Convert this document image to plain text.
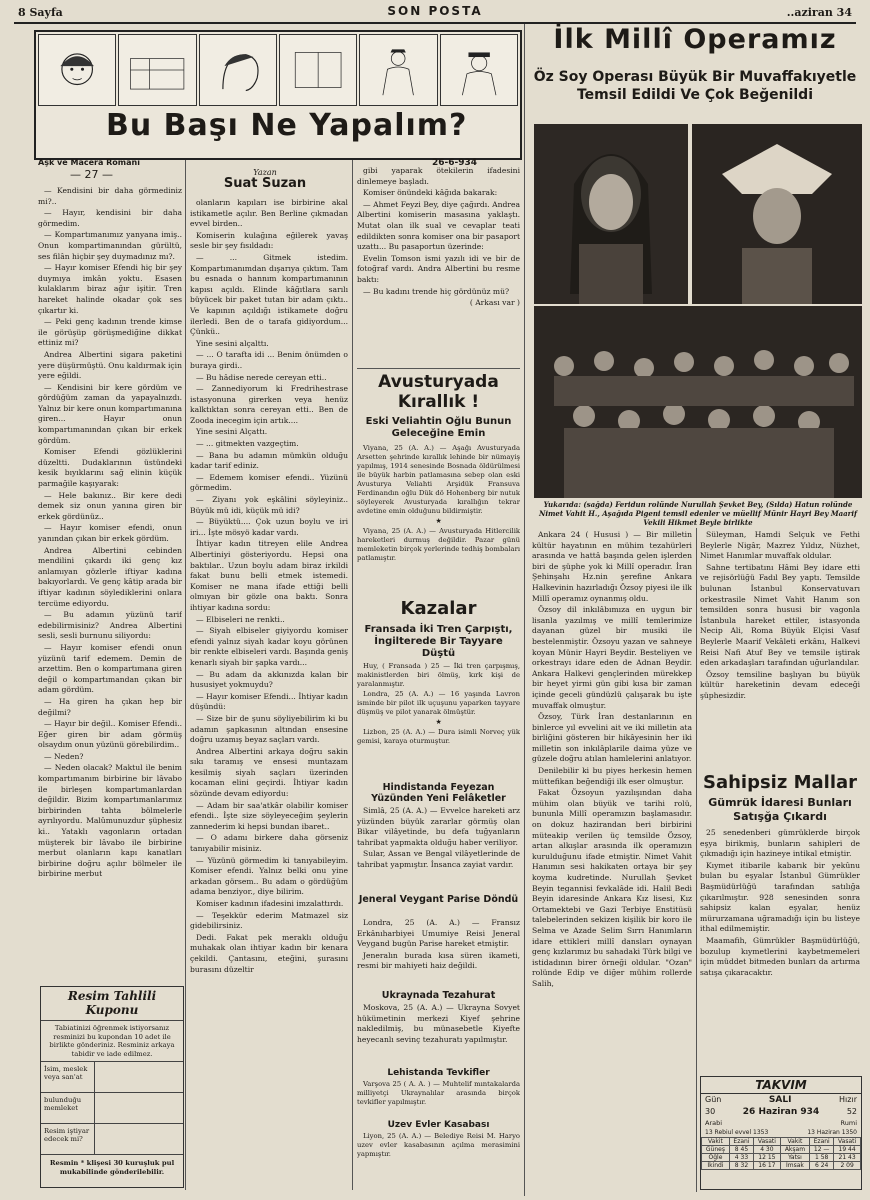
8 Sayfa	SON POSTA	..aziran 34
Bu Başı Ne Yapalım?
Aşk ve Macera Romanı
— 27 —	Yazan
Suat Suzan
26-6-934

— Kendisini bir daha görmediniz mi?..

— Hayır, kendisini bir daha görmedim.

— Kompartımanımız yanyana imiş.. Onun kompartimanından gürültü, ses filân hiçbir şey duymadınız mı?.

— Hayır komiser Efendi hiç bir şey duymıya imkân yoktu. Esasen kulaklarım biraz ağır işitir. Tren hareket halinde okadar çok ses çıkartır ki.

— Peki genç kadının trende kimse ile görüşüp görüşmediğine dikkat ettiniz mi?

Andrea Albertini sigara paketini yere düşürmüştü. Onu kaldırmak için yere eğildi.

— Kendisini bir kere gördüm ve gördüğüm zaman da yapayalnızdı. Yalnız bir kere onun kompartımanına giren... Hayır onun kompartımanından çıkan bir erkek gördüm.

Komiser Efendi gözlüklerini düzeltti. Dudaklarının üstündeki kesik bıyıklarını sağ elinin küçük parmağile kaşıyarak:

— Hele bakınız.. Bir kere dedi demek siz onun yanına giren bir erkek gördünüz..

— Hayır komiser efendi, onun yanından çıkan bir erkek gördüm.

Andrea Albertini cebinden mendilini çıkardı iki genç kız anlamıyan gözlerle iftiyar kadına bakıyorlardı. Ve genç kâtip arada bir iftiyar kadının söylediklerini onlara tercüme ediyordu.

— Bu adamın yüzünü tarif edebilirmisiniz? Andrea Albertini sesli, sesli burnunu siliyordu:

— Hayır komiser efendi onun yüzünü tarif edemem. Demin de arzettim. Ben o kompartımana giren değil o kompartımandan çıkan bir adam gördüm.

— Ha giren ha çıkan hep bir değilmi?

— Hayır bir değil.. Komiser Efendi.. Eğer giren bir adam görmüş olsaydım onun yüzünü görebilirdim..

— Neden?

— Neden olacak? Maktul ile benim kompartımanım birbirine bir lâvabo ile birleşen kompartımanlardan değildir. Bizim kompartımanlarımız birbirinden tahta bölmelerle ayrılıyordu. Malûmunuzdur şüphesiz ki.. Yataklı vagonların ortadan müşterek bir lâvabo ile birbirine merbut olanların kapı kanatları birbirine doğru açılır bölmeler ile birbirine merbut

Resim Tahlili Kuponu
Tabiatinizi öğrenmek istiyorsanız resminizi bu kupondan 10 adet ile birlikte gönderiniz. Resminiz arkaya tabidir ve iade edilmez.
İsim, meslek veya san'at
bulunduğu memleket
Resim iştiyar edecek mi?
Resmin * klişesi 30 kuruşluk pul mukabilinde gönderilebilir.

olanların kapıları ise birbirine akal istikametle açılır. Ben Berline çıkmadan evvel birden..

Komiserin kulağına eğilerek yavaş sesle bir şey fısıldadı:

— ... Gitmek istedim. Kompartımanımdan dışarıya çıktım. Tam bu esnada o hannım kompartımanının kapısı açıldı. Elinde kâğıtlara sarılı büyücek bir paket tutan bir adam çıktı.. Ve kapının açıldığı istikamete doğru ilerledi. Ben de o tarafa gidiyordum... Çünkü..

Yine sesini alçalttı.

— ... O tarafta idi ... Benim önümden o buraya girdi..

— Bu hâdise nerede cereyan etti..

— Zannediyorum ki Fredrihestrase istasyonuna girerken veya henüz kalktıktan sonra cereyan etti.. Ben de Zooda inecegim için artık....

Yine sesini Alçattı.

— ... gitmekten vazgeçtim.

— Bana bu adamın mümkün olduğu kadar tarif ediniz.

— Edemem komiser efendi.. Yüzünü görmedim.

— Ziyanı yok eşkâlini söyleyiniz.. Büyük mü idi, küçük mü idi?

— Büyüktü.... Çok uzun boylu ve iri iri... İşte mösyö kadar vardı.

İhtiyar kadın titreyen elile Andrea Albertiniyi gösteriyordu. Hepsi ona baktılar.. Uzun boylu adam biraz irkildi fakat bunu belli etmek istemedi. Komiser ne mana ifade ettiği belli olmıyan bir gözle ona baktı. Sonra ihtiyar kadına sordu:

— Elbiseleri ne renkti..

— Siyah elbiseler giyiyordu komiser efendi yalnız siyah kadar koyu görünen bir renkte elbiseleri vardı. Başında geniş kenarlı siyah bir şapka vardı...

— Bu adam da akkınızda kalan bir hususiyet yokmuydu?

— Hayır komiser Efendi... İhtiyar kadın düşündü:

— Size bir de şunu söyliyebilirim ki bu adamın şapkasının altından ensesine doğru uzamış beyaz saçları vardı.

Andrea Albertini arkaya doğru sakin sıkı taramış ve ensesi muntazam kesilmiş siyah saçları üzerinden kocaman elini geçirdi. İhtiyar kadın sözünde devam ediyordu:

— Adam bir saa'atkâr olabilir komiser efendi.. İşte size söyleyeceğim şeylerin zannederim ki hepsi bundan ibaret..

— O adamı birkere daha görseniz tanıyabilir misiniz.

— Yüzünü görmedim ki tanıyabileyim. Komiser efendi. Yalnız belki onu yine arkadan görsem.. Bu adam o gördüğüm adama benziyor., diye bilirim.

Komiser kadının ifadesini imzalattırdı.

— Teşekkür ederim Matmazel siz gidebilirsiniz.

Dedi. Fakat pek meraklı olduğu muhakak olan ihtiyar kadın bir kenara çekildi. Çantasını, eteğini, şurasını burasını düzeltir

gibi yaparak ötekilerin ifadesini dinlemeye başladı.

Komiser önündeki kâğıda bakarak:

— Ahmet Feyzi Bey, diye çağırdı. Andrea Albertini komiserin masasına yaklaştı. Mutat olan ilk sual ve cevaplar teati edildikten sonra komiser ona bir pasaport uzattı... Bu pasaportun üzerinde:

Evelin Tomson ismi yazılı idi ve bir de fotoğraf vardı. Andra Albertini bu resme baktı:

— Bu kadını trende hiç gördünüz mü?

( Arkası var )

Avusturyada
Kırallık !
Eski Veliahtin Oğlu Bunun
Geleceğine Emin

Viyana, 25 (A. A.) — Aşağı Avusturyada Arsetten şehrinde kırallık lehinde bir nümayiş yapılmış, 1914 senesinde Bosnada öldürülmesi ile büyük harbin patlamasına sebep olan eski Avusturya Veliahti Arşidük Fransuva Ferdinandın oğlu Dük dö Hohenberg bir nutuk söyleyerek Avusturyada kırallığın tekrar avdetine emin olduğunu bildirmiştir.

★

Viyana, 25 (A. A.) — Avusturyada Hitlercilik hareketleri durmuş değildir. Pazar günü memleketin birçok yerlerinde tedhiş bombaları patlamıştır.

Kazalar
Fransada İki Tren Çarpıştı, İngilterede Bir Tayyare Düştü

Huy, ( Fransada ) 25 — İki tren çarpışmış, makinistlerden biri ölmüş, kırk kişi de yaralanmıştır.

Londra, 25 (A. A.) — 16 yaşında Lavron isminde bir pilot ilk uçuşunu yaparken tayyare düşmüş ve pilot yanarak ölmüştür.

★

Lizbon, 25 (A. A.) — Dura isimli Norveç yük gemisi, karaya oturmuştur.

Hindistanda Feyezan Yüzünden Yeni Felâketler

Simlâ, 25 (A. A.) — Evvelce hareketi arz yüzünden büyük zararlar görmüş olan Bikar vilâyetinde, bu defa tuğyanların tahribat yapmakta olduğu haber veriliyor.

Sular, Assan ve Bengal vilâyetlerinde de tahribat yapmıştır. İnsanca zayiat vardır.

Jeneral Veygant Parise Döndü

Londra, 25 (A. A.) — Fransız Erkânıharbiyei Umumiye Reisi Jeneral Veygand bugün Parise hareket etmiştir.

Jeneralın burada kısa süren ikameti, resmi bir mahiyeti haiz değildi.

Ukraynada Tezahurat

Moskova, 25 (A. A.) — Ukrayna Sovyet hükümetinin merkezi Kiyef şehrine nakledilmiş, bu münasebetle Kiyefte heyecanlı sevinç tezahuratı yapılmıştır.

Lehistanda Tevkifler

Varşova 25 ( A. A. ) — Muhtelif mıntakalarda milliyetçi Ukraynalılar arasında birçok tevkifler yapılmıştır.

Uzev Evler Kasabası

Liyon, 25 (A. A.) — Belediye Reisi M. Haryo uzev evler kasabasının açılma merasimini yapmıştır.

İlk Millî Operamız
Öz Soy Operası Büyük Bir Muvaffakıyetle Temsil Edildi Ve Çok Beğenildi
Yukarıda: (sağda) Feridun rolünde Nurullah Şevket Bey, (Sılda) Hatun rolünde Nimet Vahit H., Aşağıda Pigeni temsil edenler ve müellif Münir Hayri Bey Maarif Vekili Hikmet Beyle birlikte

Ankara 24 ( Hususi ) — Bir milletin kültür hayatının en mühim tezahürleri arasında ve hattâ başında gelen işlerden biri de şüphe yok ki Millî operadır. İran Şehinşahı Hz.nin şerefine Ankara Halkevinin hazırladığı Özsoy piyesi ile ilk Millî operamız oynanmış oldu.

Özsoy dil inkılâbımıza en uygun bir lisanla yazılmış ve millî temlerimize dayanan güzel bir musiki ile bestelenmiştir. Özsoyu yazan ve sahneye koyan Münir Hayri Beydir. Besteliyen ve orkestrayı idare eden de Adnan Beydir. Ankara Halkevi gençlerinden mürekkep bir heyet yirmi gün gibi kısa bir zaman içinde geceli gündüzlü çalışarak bu işte muvaffak olmuştur.

Özsoy, Türk İran destanlarının en binlerce yıl evvelini ait ve iki milletin ata birliğini gösteren bir hikâyesinin her iki milletin son inkılâplarile daima yüze ve güzele doğru atılan hamlelerini anlatıyor.

Denilebilir ki bu piyes herkesin hemen müttefikan beğendiği ilk eser olmuştur.

Fakat Özsoyun yazılışından daha mühim olan büyük ve tarihi rolü, bununla Millî operamızın başlamasıdır. on dokuz hazirandan beri birbirini müteakip verilen üç temsilde Özsoy, artan alkışlar arasında ilk operamızın kurulduğunu ifade etmiştir. Nimet Vahit Hanımın sesi hakikaten ortaya bir şey koyma kudretinde. Nurullah Şevket Beyin tegannisi fevkalâde idi. Halil Bedi Beyin idaresinde Ankara Kız lisesi, Kız Ortamektebi ve Gazi Terbiye Enstitüsü talebelerinden sekizen kişilik bir koro ile Selma ve Azade Selim Sırrı Hanımların idare ettikleri millî dansları oynayan genç kızlarımız bu sahadaki Türk bilgi ve istidadının birer örneği oldular. "Ozan" rolünde Edip ve diğer mühim rollerde Salih,

Süleyman, Hamdi Selçuk ve Fethi Beylerle Nigâr, Mazrez Yıldız, Nüzhet, Nimet Hanımlar muvaffak oldular.

Sahne tertibatını Hâmi Bey idare etti ve rejisörlüğü Fadıl Bey yaptı. Temsilde bulunan İstanbul Konservatuvarı orkestrasile Nimet Vahit Hanım son temsilden sonra hususi bir vagonla İstanbula hareket ettiler, istasyonda Necip Ali, Roma Büyük Elçisi Vasıf Beylerle Maarif Vekâleti erkânı, Halkevi Reisi Nafi Atuf Bey ve temsile iştirak eden arkadaşları tarafından uğurlandılar.

Özsoy temsiline başlıyan bu büyük kültür hareketinin devam edeceği şüphesizdir.

Sahipsiz Mallar
Gümrük İdaresi Bunları Satışğa Çıkardı

25 senedenberi gümrüklerde birçok eşya birikmiş, bunların sahipleri de çıkmadığı için hazineye intikal etmiştir.

Kıymet itibarile kabarık bir yekûnu bulan bu eşyalar İstanbul Gümrükler Başmüdürlüğü tarafından satılığa çıkarılmıştır. 928 senesinden sonra sahipsiz kalan eşyalar, henüz mürurzamana uğramadığı için bu listeye ithal edilmemiştir.

Maamafih, Gümrükler Başmüdürlüğü, bozulup kıymetlerini kaybetmemeleri için müddet bitmeden bunları da artırma satışa çıkaracaktır.

TAKVIM
Gün	SALI	Hızır
30	26 Haziran 934	52
Arabi	Rumi
13 Rebiul evvel 1353	13 Haziran 1350
Vakit	Ezani	Vasati	Vakit	Ezani	Vasati
Güneş	8 45	4 30	Akşam	12 —	19 44
Öğle	4 33	12 15	Yatsı	1 58	21 43
İkindi	8 32	16 17	İmsak	6 24	2 09
